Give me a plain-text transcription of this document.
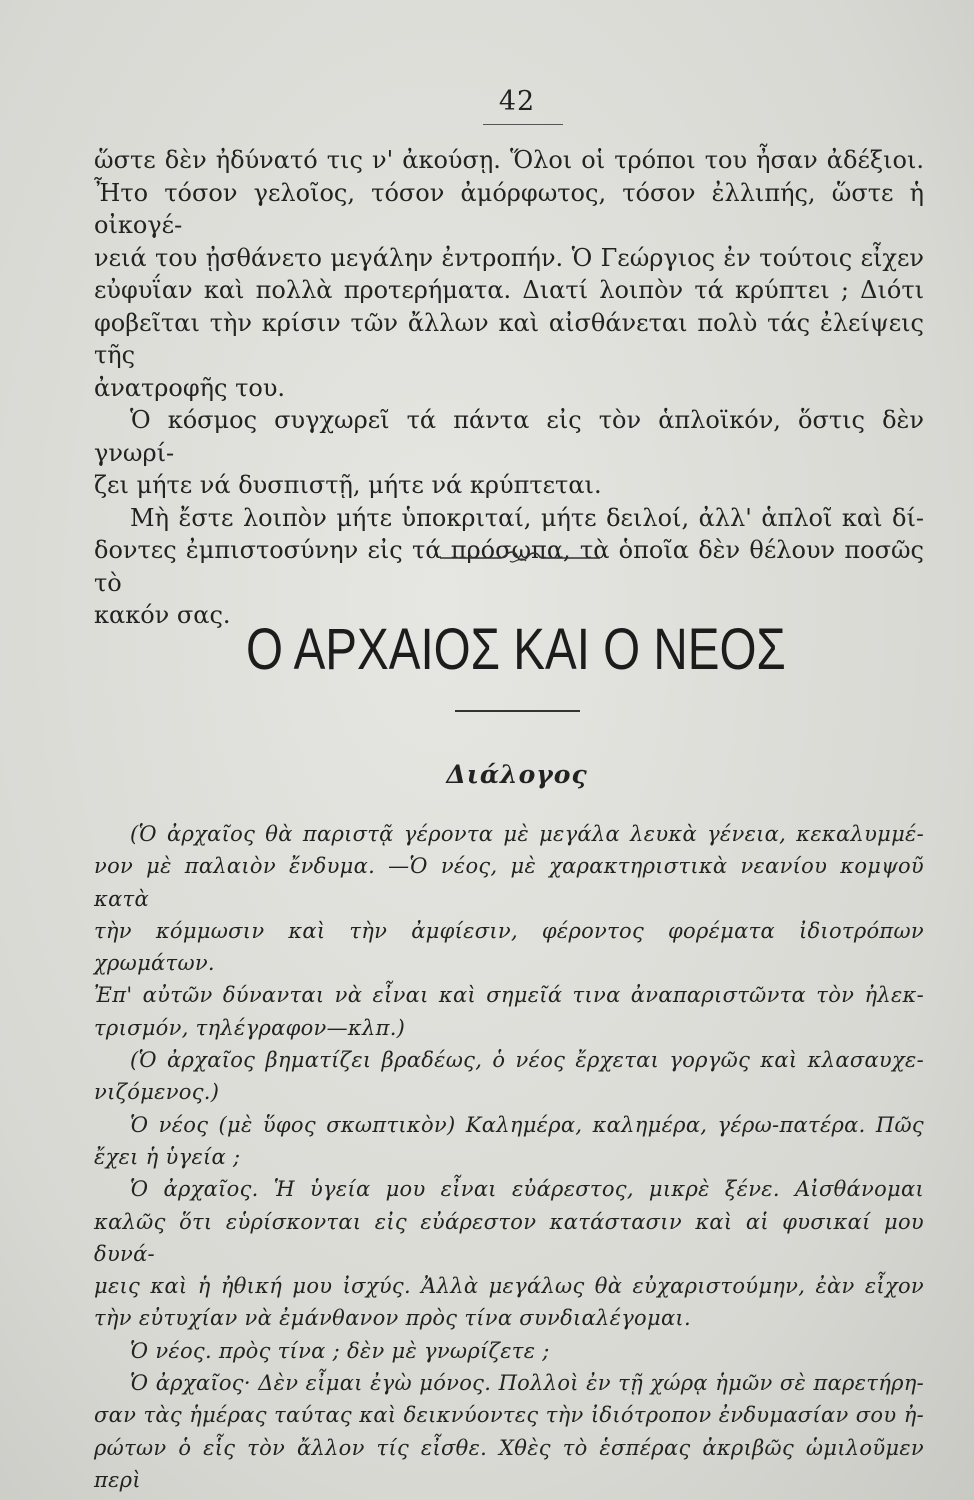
42

ὥστε δὲν ἠδύνατό τις ν' ἀκούσῃ. Ὅλοι οἱ τρόποι του ἦσαν ἀδέξιοι.

Ἦτο τόσον γελοῖος, τόσον ἀμόρφωτος, τόσον ἐλλιπής, ὥστε ἡ οἰκογέ-

νειά του ᾐσθάνετο μεγάλην ἐντροπήν. Ὁ Γεώργιος ἐν τούτοις εἶχεν

εὐφυΐαν καὶ πολλὰ προτερήματα. Διατί λοιπὸν τά κρύπτει ; Διότι

φοβεῖται τὴν κρίσιν τῶν ἄλλων καὶ αἰσθάνεται πολὺ τάς ἐλείψεις τῆς

ἀνατροφῆς του.

Ὁ κόσμος συγχωρεῖ τά πάντα εἰς τὸν ἁπλοϊκόν, ὅστις δὲν γνωρί-

ζει μήτε νά δυσπιστῇ, μήτε νά κρύπτεται.

Μὴ ἔστε λοιπὸν μήτε ὑποκριταί, μήτε δειλοί, ἀλλ' ἁπλοῖ καὶ δί-

δοντες ἐμπιστοσύνην εἰς τά πρόσωπα, τὰ ὁποῖα δὲν θέλουν ποσῶς τὸ

κακόν σας.

Ο ΑΡΧΑΙΟΣ ΚΑΙ Ο ΝΕΟΣ
Διάλογος

(Ὁ ἀρχαῖος θὰ παριστᾷ γέροντα μὲ μεγάλα λευκὰ γένεια, κεκαλυμμέ-

νον μὲ παλαιὸν ἔνδυμα. —Ὁ νέος, μὲ χαρακτηριστικὰ νεανίου κομψοῦ κατὰ

τὴν κόμμωσιν καὶ τὴν ἀμφίεσιν, φέροντος φορέματα ἰδιοτρόπων χρωμάτων.

Ἐπ' αὐτῶν δύνανται νὰ εἶναι καὶ σημεῖά τινα ἀναπαριστῶντα τὸν ἠλεκ-

τρισμόν, τηλέγραφον—κλπ.)

(Ὁ ἀρχαῖος βηματίζει βραδέως, ὁ νέος ἔρχεται γοργῶς καὶ κλασαυχε-

νιζόμενος.)

Ὁ νέος (μὲ ὕφος σκωπτικὸν) Καλημέρα, καλημέρα, γέρω-πατέρα. Πῶς

ἔχει ἡ ὑγεία ;

Ὁ ἀρχαῖος. Ἡ ὑγεία μου εἶναι εὐάρεστος, μικρὲ ξένε. Αἰσθάνομαι

καλῶς ὅτι εὑρίσκονται εἰς εὐάρεστον κατάστασιν καὶ αἱ φυσικαί μου δυνά-

μεις καὶ ἡ ἠθική μου ἰσχύς. Ἀλλὰ μεγάλως θὰ εὐχαριστούμην, ἐὰν εἶχον

τὴν εὐτυχίαν νὰ ἐμάνθανον πρὸς τίνα συνδιαλέγομαι.

Ὁ νέος. πρὸς τίνα ; δὲν μὲ γνωρίζετε ;

Ὁ ἀρχαῖος· Δὲν εἶμαι ἐγὼ μόνος. Πολλοὶ ἐν τῇ χώρᾳ ἡμῶν σὲ παρετήρη-

σαν τὰς ἡμέρας ταύτας καὶ δεικνύοντες τὴν ἰδιότροπον ἐνδυμασίαν σου ἠ-

ρώτων ὁ εἷς τὸν ἄλλον τίς εἶσθε. Χθὲς τὸ ἑσπέρας ἀκριβῶς ὡμιλοῦμεν περὶ
